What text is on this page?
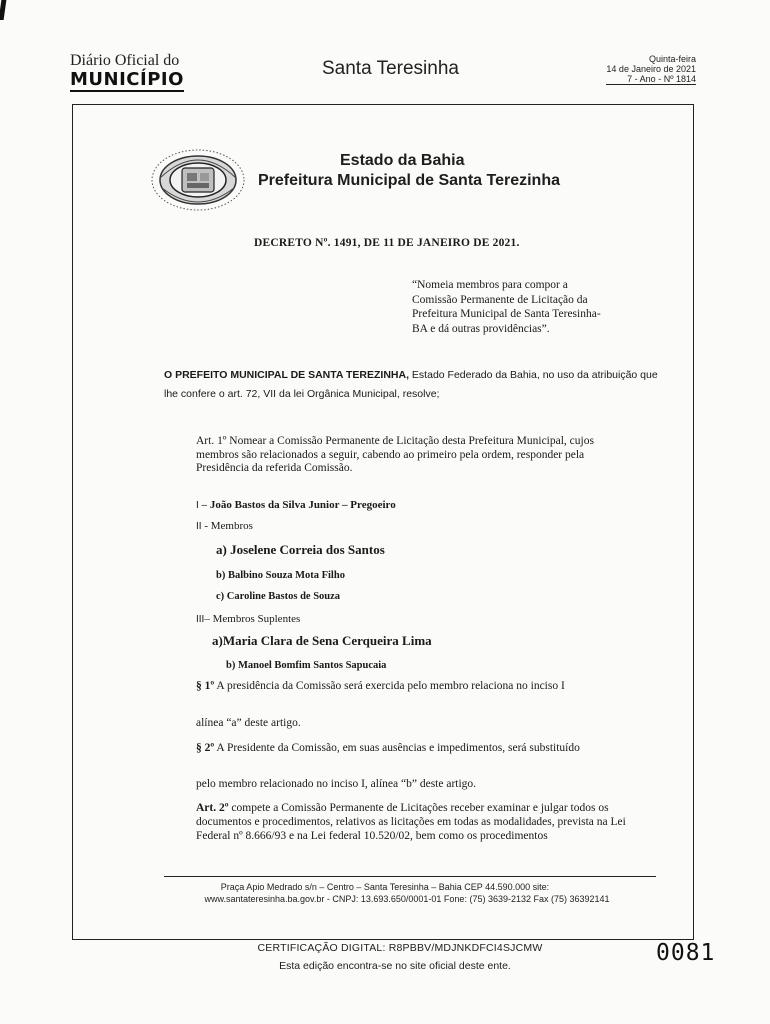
Diário Oficial do
MUNICÍPIO
Santa Teresinha	Quinta-feira
14 de Janeiro de 2021
7 - Ano - Nº 1814
Estado da Bahia
Prefeitura Municipal de Santa Terezinha
DECRETO Nº. 1491, DE 11 DE JANEIRO DE 2021.
“Nomeia membros para compor a Comissão Permanente de Licitação da Prefeitura Municipal de Santa Teresinha-BA e dá outras providências”.
O PREFEITO MUNICIPAL DE SANTA TEREZINHA, Estado Federado da Bahia, no uso da atribuição que lhe confere o art. 72, VII da lei Orgânica Municipal, resolve;
Art. 1º Nomear a Comissão Permanente de Licitação desta Prefeitura Municipal, cujos membros são relacionados a seguir, cabendo ao primeiro pela ordem, responder pela Presidência da referida Comissão.
I – João Bastos da Silva Junior – Pregoeiro
II - Membros
a) Joselene Correia dos Santos
b) Balbino Souza Mota Filho
c) Caroline Bastos de Souza
III– Membros Suplentes
a)Maria Clara de Sena Cerqueira Lima
b) Manoel Bomfim Santos Sapucaia
§ 1º A presidência da Comissão será exercida pelo membro relaciona no inciso I
alínea “a” deste artigo.
§ 2º A Presidente da Comissão, em suas ausências e impedimentos, será substituído
pelo membro relacionado no inciso I, alínea “b” deste artigo.
Art. 2º compete a Comissão Permanente de Licitações receber examinar e julgar todos os documentos e procedimentos, relativos as licitações em todas as modalidades, prevista na Lei Federal nº 8.666/93 e na Lei federal 10.520/02, bem como os procedimentos
Praça Apio Medrado s/n – Centro – Santa Teresinha – Bahia CEP 44.590.000 site:
www.santateresinha.ba.gov.br - CNPJ: 13.693.650/0001-01 Fone: (75) 3639-2132 Fax (75) 36392141
CERTIFICAÇÃO DIGITAL: R8PBBV/MDJNKDFCI4SJCMW
Esta edição encontra-se no site oficial deste ente.	0081
